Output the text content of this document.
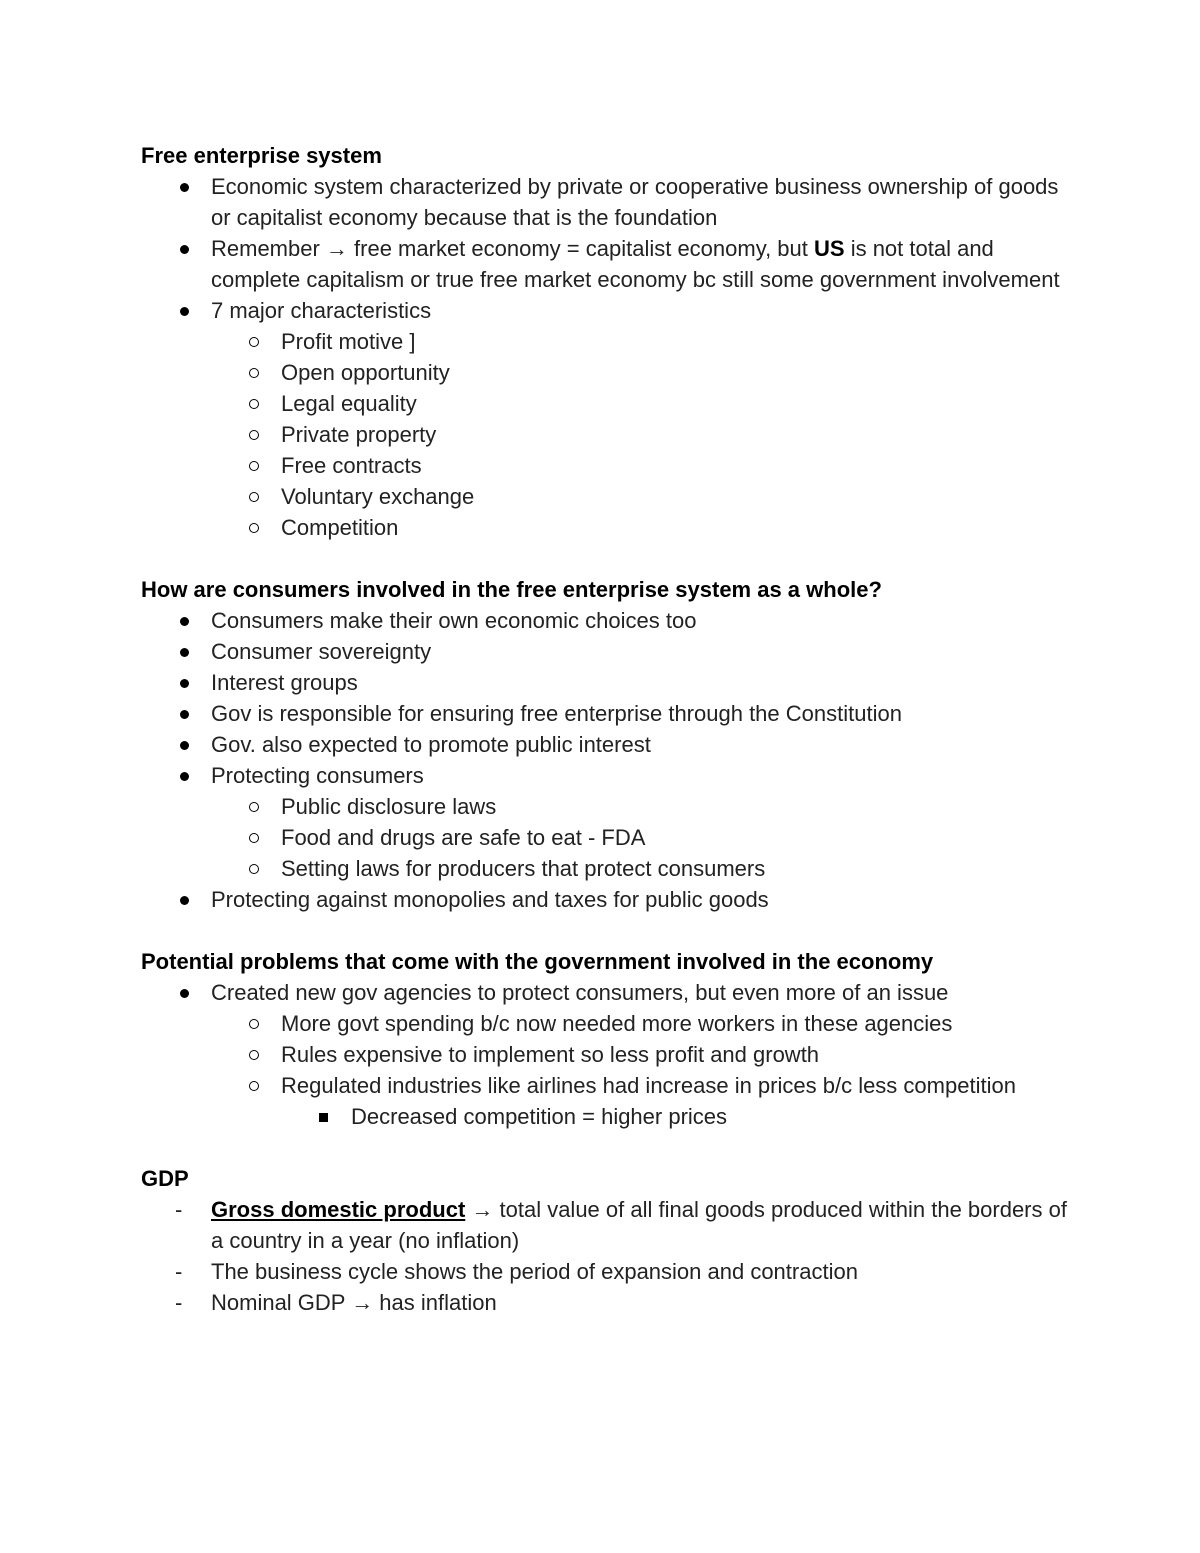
Free enterprise system

Economic system characterized by private or cooperative business ownership of goods or capitalist economy because that is the foundation
Remember → free market economy = capitalist economy, but US is not total and complete capitalism or true free market economy bc still some government involvement
7 major characteristics
Profit motive ]
Open opportunity
Legal equality
Private property
Free contracts
Voluntary exchange
Competition

How are consumers involved in the free enterprise system as a whole?

Consumers make their own economic choices too
Consumer sovereignty
Interest groups
Gov is responsible for ensuring free enterprise through the Constitution
Gov. also expected to promote public interest
Protecting consumers
Public disclosure laws
Food and drugs are safe to eat - FDA
Setting laws for producers that protect consumers
Protecting against monopolies and taxes for public goods

Potential problems that come with the government involved in the economy

Created new gov agencies to protect consumers, but even more of an issue
More govt spending b/c now needed more workers in these agencies
Rules expensive to implement so less profit and growth
Regulated industries like airlines had increase in prices b/c less competition
Decreased competition = higher prices

GDP

- Gross domestic product → total value of all final goods produced within the borders of a country in a year (no inflation)
- The business cycle shows the period of expansion and contraction
- Nominal GDP → has inflation
